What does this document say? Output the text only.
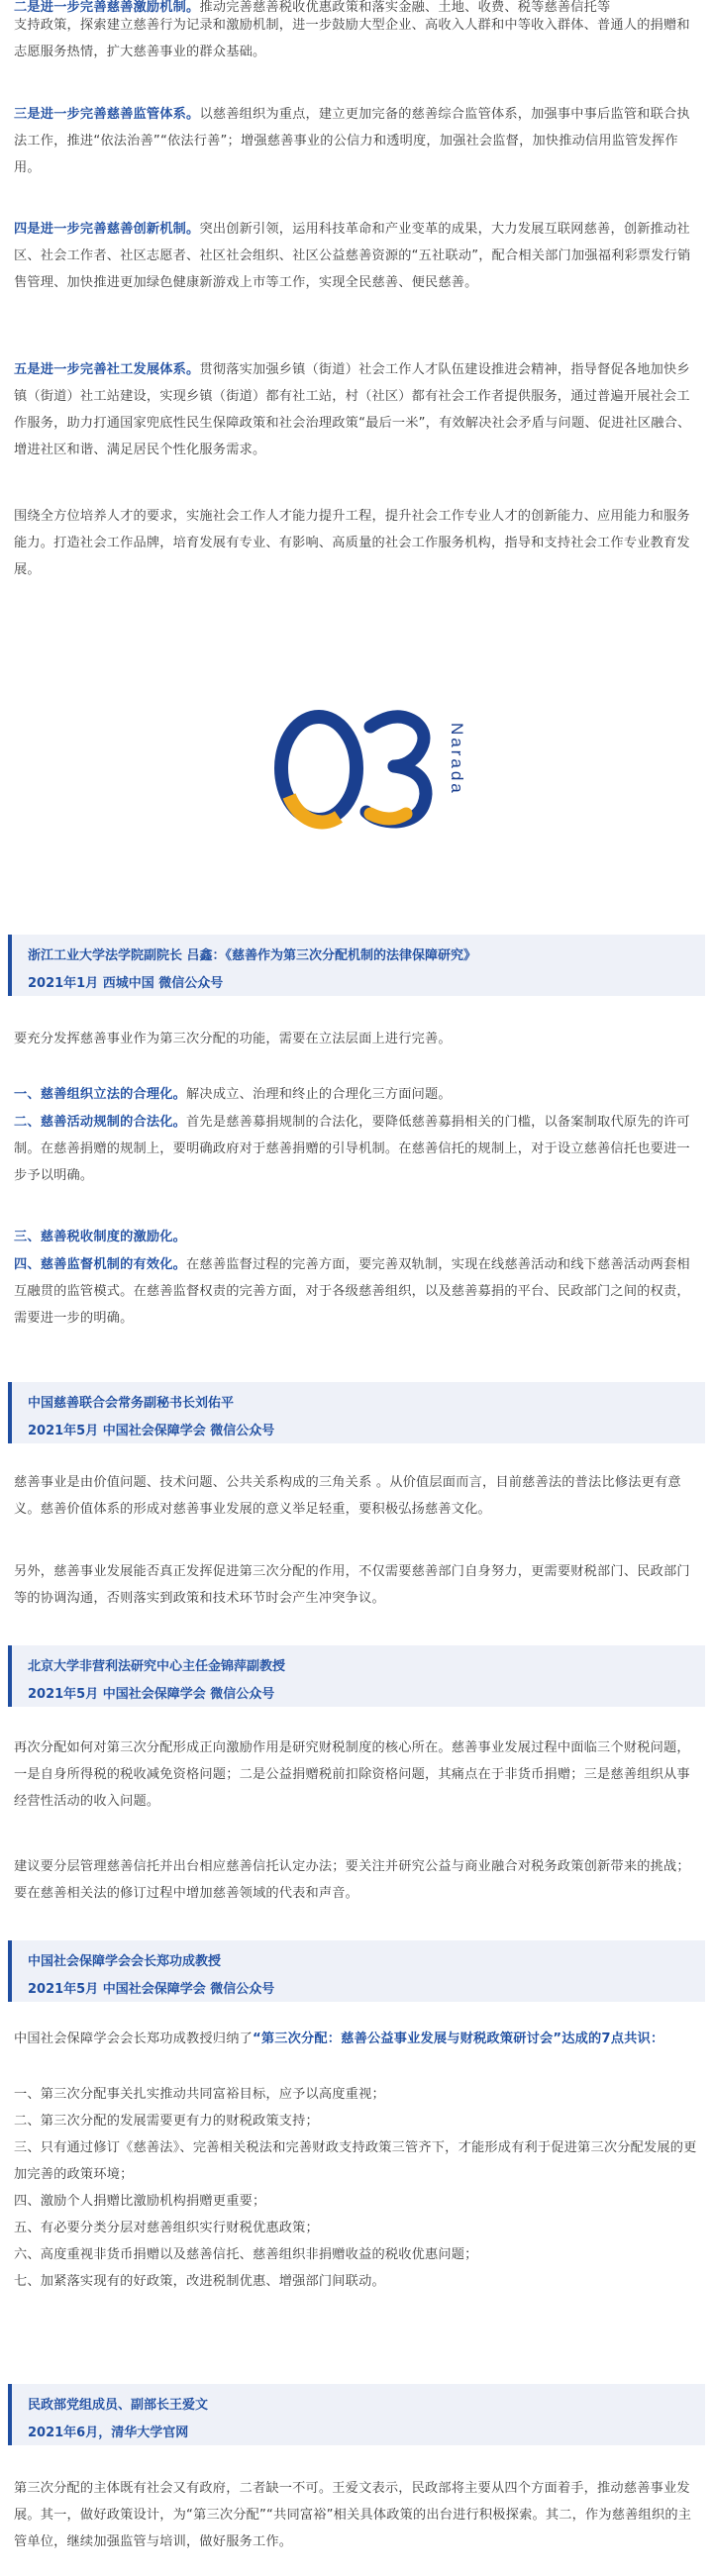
二是进一步完善慈善激励机制。推动完善慈善税收优惠政策和落实金融、土地、收费、税等慈善信托等

支持政策，探索建立慈善行为记录和激励机制，进一步鼓励大型企业、高收入人群和中等收入群体、普通人的捐赠和志愿服务热情，扩大慈善事业的群众基础。

三是进一步完善慈善监管体系。以慈善组织为重点，建立更加完备的慈善综合监管体系，加强事中事后监管和联合执法工作，推进“依法治善”“依法行善”；增强慈善事业的公信力和透明度，加强社会监督，加快推动信用监管发挥作用。

四是进一步完善慈善创新机制。突出创新引领，运用科技革命和产业变革的成果，大力发展互联网慈善，创新推动社区、社会工作者、社区志愿者、社区社会组织、社区公益慈善资源的“五社联动”，配合相关部门加强福利彩票发行销售管理、加快推进更加绿色健康新游戏上市等工作，实现全民慈善、便民慈善。

五是进一步完善社工发展体系。贯彻落实加强乡镇（街道）社会工作人才队伍建设推进会精神，指导督促各地加快乡镇（街道）社工站建设，实现乡镇（街道）都有社工站，村（社区）都有社会工作者提供服务，通过普遍开展社会工作服务，助力打通国家兜底性民生保障政策和社会治理政策“最后一米”，有效解决社会矛盾与问题、促进社区融合、增进社区和谐、满足居民个性化服务需求。

围绕全方位培养人才的要求，实施社会工作人才能力提升工程，提升社会工作专业人才的创新能力、应用能力和服务能力。打造社会工作品牌，培育发展有专业、有影响、高质量的社会工作服务机构，指导和支持社会工作专业教育发展。

Narada
浙江工业大学法学院副院长 吕鑫：《慈善作为第三次分配机制的法律保障研究》
2021年1月 西城中国 微信公众号

要充分发挥慈善事业作为第三次分配的功能，需要在立法层面上进行完善。

一、慈善组织立法的合理化。解决成立、治理和终止的合理化三方面问题。

二、慈善活动规制的合法化。首先是慈善募捐规制的合法化，要降低慈善募捐相关的门槛，以备案制取代原先的许可制。在慈善捐赠的规制上，要明确政府对于慈善捐赠的引导机制。在慈善信托的规制上，对于设立慈善信托也要进一步予以明确。

三、慈善税收制度的激励化。

四、慈善监督机制的有效化。在慈善监督过程的完善方面，要完善双轨制，实现在线慈善活动和线下慈善活动两套相互融贯的监管模式。在慈善监督权责的完善方面，对于各级慈善组织，以及慈善募捐的平台、民政部门之间的权责，需要进一步的明确。

中国慈善联合会常务副秘书长刘佑平
2021年5月 中国社会保障学会 微信公众号

慈善事业是由价值问题、技术问题、公共关系构成的三角关系 。从价值层面而言，目前慈善法的普法比修法更有意义。慈善价值体系的形成对慈善事业发展的意义举足轻重，要积极弘扬慈善文化。

另外，慈善事业发展能否真正发挥促进第三次分配的作用，不仅需要慈善部门自身努力，更需要财税部门、民政部门等的协调沟通，否则落实到政策和技术环节时会产生冲突争议。

北京大学非营利法研究中心主任金锦萍副教授
2021年5月 中国社会保障学会 微信公众号

再次分配如何对第三次分配形成正向激励作用是研究财税制度的核心所在。慈善事业发展过程中面临三个财税问题，一是自身所得税的税收减免资格问题；二是公益捐赠税前扣除资格问题，其痛点在于非货币捐赠；三是慈善组织从事经营性活动的收入问题。

建议要分层管理慈善信托并出台相应慈善信托认定办法；要关注并研究公益与商业融合对税务政策创新带来的挑战；要在慈善相关法的修订过程中增加慈善领域的代表和声音。

中国社会保障学会会长郑功成教授
2021年5月 中国社会保障学会 微信公众号

中国社会保障学会会长郑功成教授归纳了“第三次分配：慈善公益事业发展与财税政策研讨会”达成的7点共识：

一、第三次分配事关扎实推动共同富裕目标，应予以高度重视；

二、第三次分配的发展需要更有力的财税政策支持；

三、只有通过修订《慈善法》、完善相关税法和完善财政支持政策三管齐下，才能形成有利于促进第三次分配发展的更加完善的政策环境；

四、激励个人捐赠比激励机构捐赠更重要；

五、有必要分类分层对慈善组织实行财税优惠政策；

六、高度重视非货币捐赠以及慈善信托、慈善组织非捐赠收益的税收优惠问题；

七、加紧落实现有的好政策，改进税制优惠、增强部门间联动。

民政部党组成员、副部长王爱文
2021年6月，清华大学官网

第三次分配的主体既有社会又有政府，二者缺一不可。王爱文表示，民政部将主要从四个方面着手，推动慈善事业发展。其一，做好政策设计，为“第三次分配”“共同富裕”相关具体政策的出台进行积极探索。其二，作为慈善组织的主管单位，继续加强监管与培训，做好服务工作。
